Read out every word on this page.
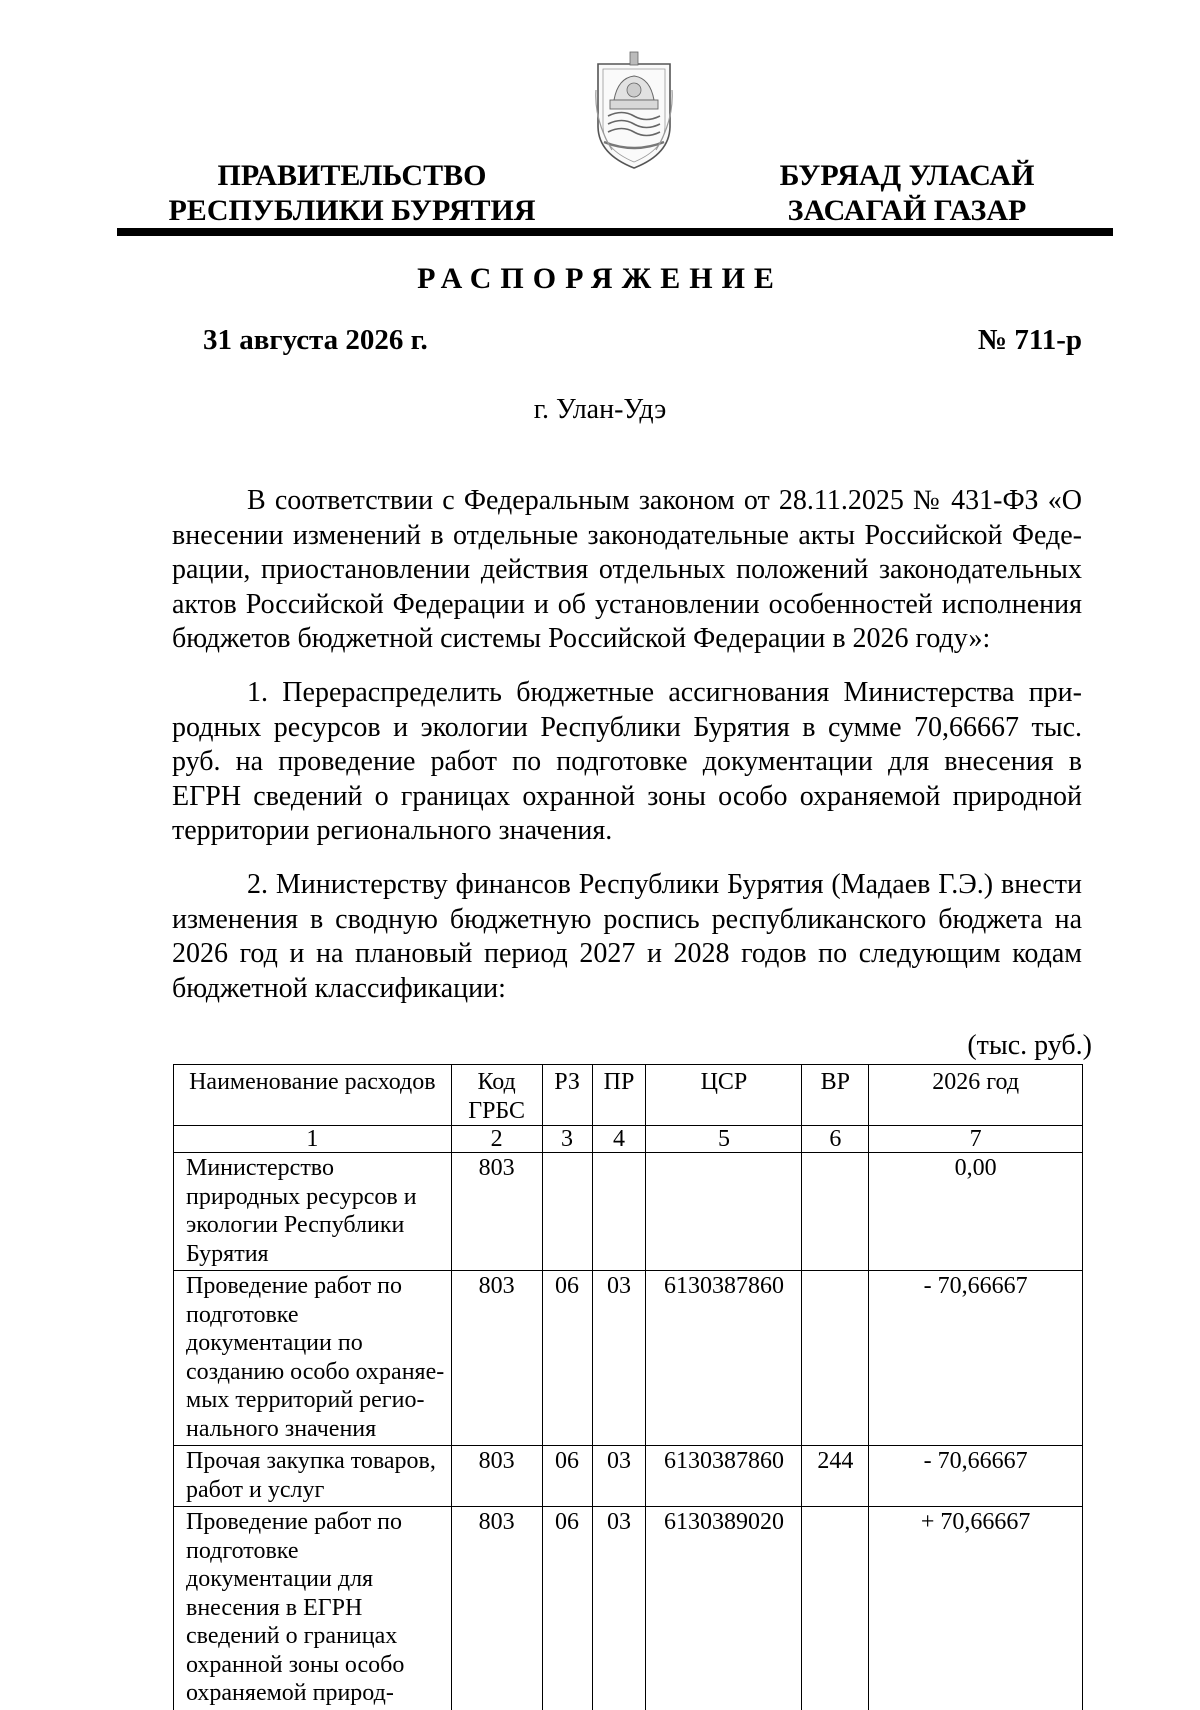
ПРАВИТЕЛЬСТВО
РЕСПУБЛИКИ БУРЯТИЯ
БУРЯАД УЛАСАЙ
ЗАСАГАЙ ГАЗАР
РАСПОРЯЖЕНИЕ
31 августа 2026 г.	№ 711-р
г. Улан-Удэ
В соответствии с Федеральным законом от 28.11.2025 № 431-ФЗ «О внесении изменений в отдельные законодательные акты Российской Федерации, приостановлении действия отдельных положений законодательных актов Российской Федерации и об установлении особенностей исполнения бюджетов бюджетной системы Российской Федерации в 2026 году»:
1. Перераспределить бюджетные ассигнования Министерства природных ресурсов и экологии Республики Бурятия в сумме 70,66667 тыс. руб. на проведение работ по подготовке документации для внесения в ЕГРН сведений о границах охранной зоны особо охраняемой природной территории регионального значения.
2. Министерству финансов Республики Бурятия (Мадаев Г.Э.) внести изменения в сводную бюджетную роспись республиканского бюджета на 2026 год и на плановый период 2027 и 2028 годов по следующим кодам бюджетной классификации:
(тыс. руб.)
Наименование расходов	Код ГРБС	РЗ	ПР	ЦСР	ВР	2026 год
1	2	3	4	5	6	7
Министерство природных ресурсов и экологии Республики Бурятия	803					0,00
Проведение работ по подготовке документации по созданию особо охраняемых территорий регионального значения	803	06	03	6130387860		- 70,66667
Прочая закупка товаров, работ и услуг	803	06	03	6130387860	244	- 70,66667
Проведение работ по подготовке документации для внесения в ЕГРН сведений о границах охранной зоны особо охраняемой природ-	803	06	03	6130389020		+ 70,66667
